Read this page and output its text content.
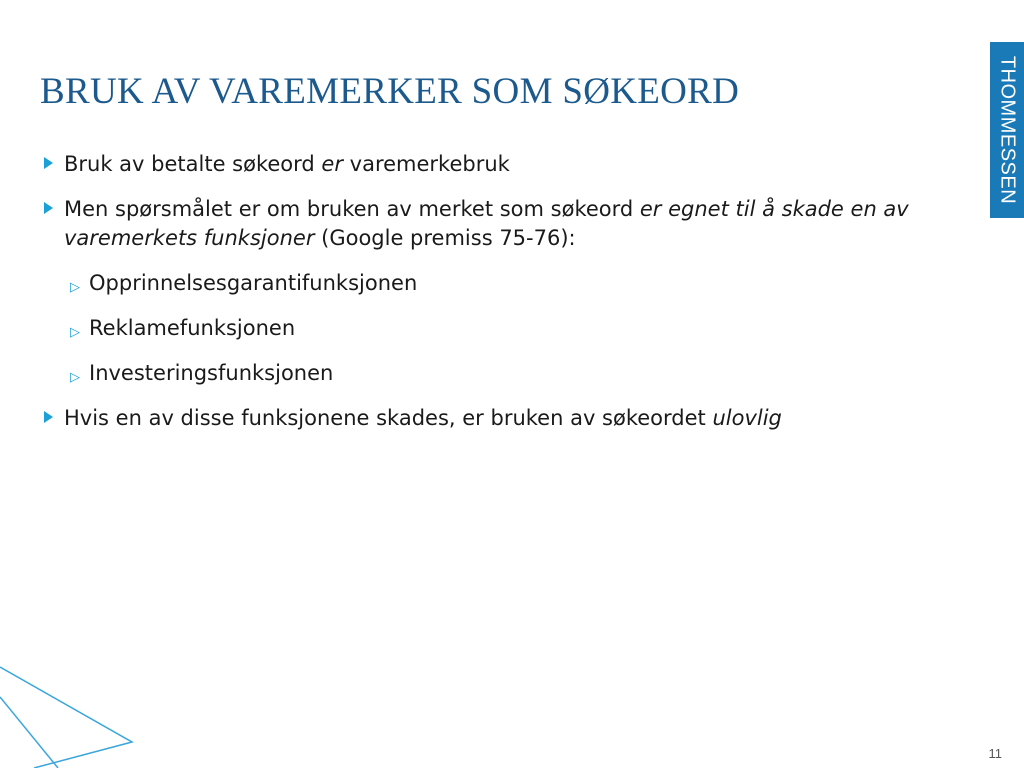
BRUK AV VAREMERKER SOM SØKEORD	THOMMESSEN
Bruk av betalte søkeord er varemerkebruk
Men spørsmålet er om bruken av merket som søkeord er egnet til å skade en av varemerkets funksjoner (Google premiss 75-76):
▷ Opprinnelsesgarantifunksjonen
▷ Reklamefunksjonen
▷ Investeringsfunksjonen
Hvis en av disse funksjonene skades, er bruken av søkeordet ulovlig
11
